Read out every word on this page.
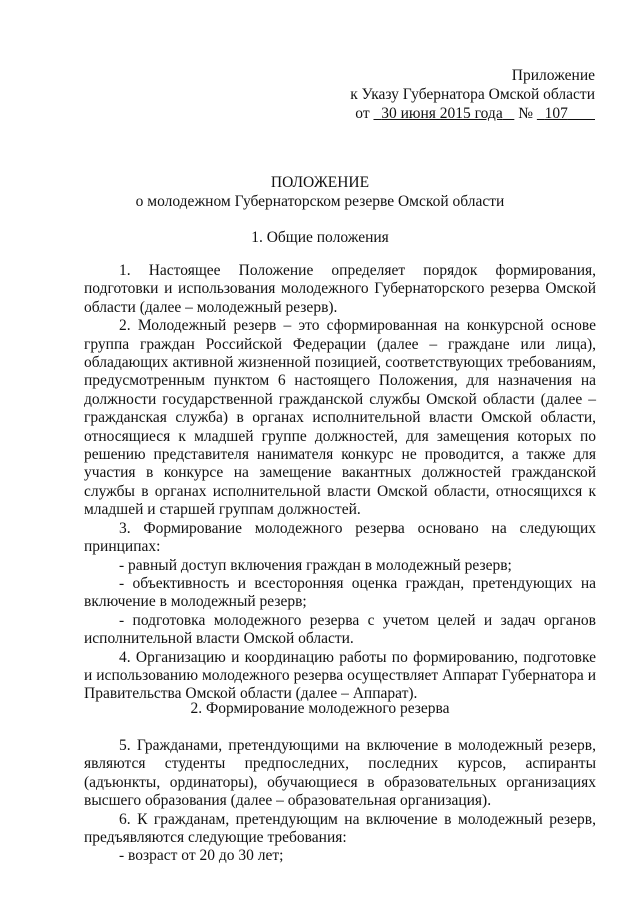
Приложение
к Указу Губернатора Омской области
от 30 июня 2015 года № 107
ПОЛОЖЕНИЕ
о молодежном Губернаторском резерве Омской области
1. Общие положения

1. Настоящее Положение определяет порядок формирования, подготовки и использования молодежного Губернаторского резерва Омской области (далее – молодежный резерв).

2. Молодежный резерв – это сформированная на конкурсной основе группа граждан Российской Федерации (далее – граждане или лица), обладающих активной жизненной позицией, соответствующих требованиям, предусмотренным пунктом 6 настоящего Положения, для назначения на должности государственной гражданской службы Омской области (далее – гражданская служба) в органах исполнительной власти Омской области, относящиеся к младшей группе должностей, для замещения которых по решению представителя нанимателя конкурс не проводится, а также для участия в конкурсе на замещение вакантных должностей гражданской службы в органах исполнительной власти Омской области, относящихся к младшей и старшей группам должностей.

3. Формирование молодежного резерва основано на следующих принципах:

- равный доступ включения граждан в молодежный резерв;

- объективность и всесторонняя оценка граждан, претендующих на включение в молодежный резерв;

- подготовка молодежного резерва с учетом целей и задач органов исполнительной власти Омской области.

4. Организацию и координацию работы по формированию, подготовке и использованию молодежного резерва осуществляет Аппарат Губернатора и Правительства Омской области (далее – Аппарат).

2. Формирование молодежного резерва

5. Гражданами, претендующими на включение в молодежный резерв, являются студенты предпоследних, последних курсов, аспиранты (адъюнкты, ординаторы), обучающиеся в образовательных организациях высшего образования (далее – образовательная организация).

6. К гражданам, претендующим на включение в молодежный резерв, предъявляются следующие требования:

- возраст от 20 до 30 лет;
